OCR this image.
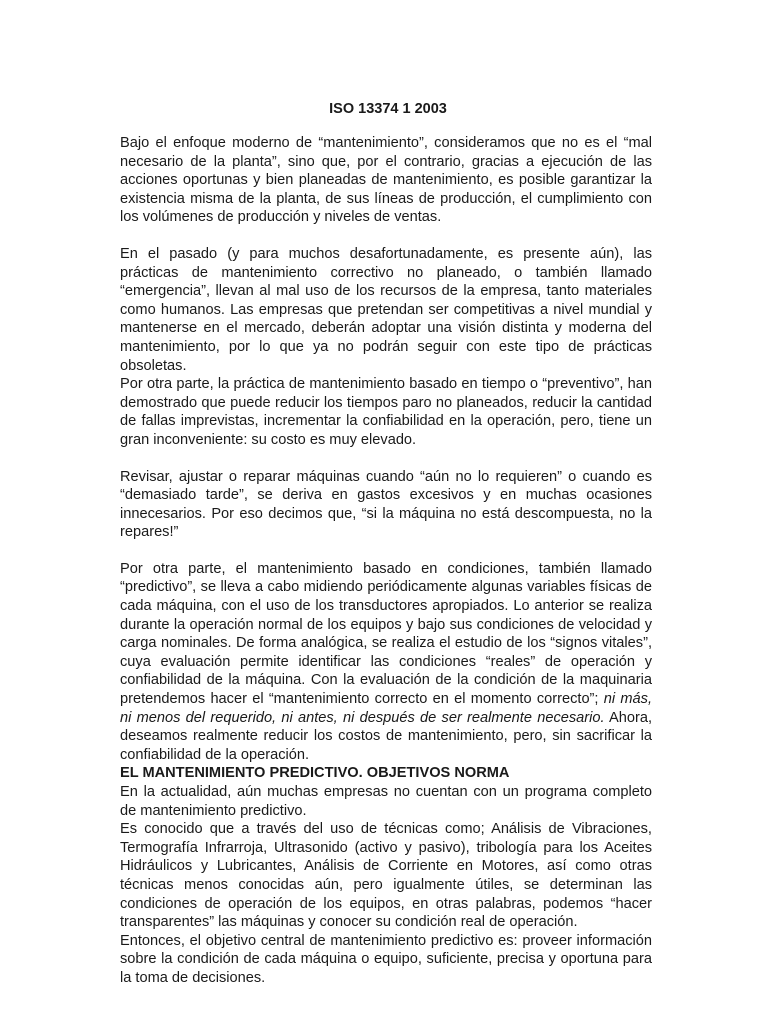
ISO 13374 1 2003

Bajo el enfoque moderno de “mantenimiento”, consideramos que no es el “mal necesario de la planta”, sino que, por el contrario, gracias a ejecución de las acciones oportunas y bien planeadas de mantenimiento, es posible garantizar la existencia misma de la planta, de sus líneas de producción, el cumplimiento con los volúmenes de producción y niveles de ventas.

En el pasado (y para muchos desafortunadamente, es presente aún), las prácticas de mantenimiento correctivo no planeado, o también llamado “emergencia”, llevan al mal uso de los recursos de la empresa, tanto materiales como humanos. Las empresas que pretendan ser competitivas a nivel mundial y mantenerse en el mercado, deberán adoptar una visión distinta y moderna del mantenimiento, por lo que ya no podrán seguir con este tipo de prácticas obsoletas.

Por otra parte, la práctica de mantenimiento basado en tiempo o “preventivo”, han demostrado que puede reducir los tiempos paro no planeados, reducir la cantidad de fallas imprevistas, incrementar la confiabilidad en la operación, pero, tiene un gran inconveniente: su costo es muy elevado.

Revisar, ajustar o reparar máquinas cuando “aún no lo requieren” o cuando es “demasiado tarde”, se deriva en gastos excesivos y en muchas ocasiones innecesarios. Por eso decimos que, “si la máquina no está descompuesta, no la repares!”

Por otra parte, el mantenimiento basado en condiciones, también llamado “predictivo”, se lleva a cabo midiendo periódicamente algunas variables físicas de cada máquina, con el uso de los transductores apropiados. Lo anterior se realiza durante la operación normal de los equipos y bajo sus condiciones de velocidad y carga nominales. De forma analógica, se realiza el estudio de los “signos vitales”, cuya evaluación permite identificar las condiciones “reales” de operación y confiabilidad de la máquina. Con la evaluación de la condición de la maquinaria pretendemos hacer el “mantenimiento correcto en el momento correcto”; ni más, ni menos del requerido, ni antes, ni después de ser realmente necesario. Ahora, deseamos realmente reducir los costos de mantenimiento, pero, sin sacrificar la confiabilidad de la operación.

EL MANTENIMIENTO PREDICTIVO. OBJETIVOS NORMA

En la actualidad, aún muchas empresas no cuentan con un programa completo de mantenimiento predictivo.

Es conocido que a través del uso de técnicas como; Análisis de Vibraciones, Termografía Infrarroja, Ultrasonido (activo y pasivo), tribología para los Aceites Hidráulicos y Lubricantes, Análisis de Corriente en Motores, así como otras técnicas menos conocidas aún, pero igualmente útiles, se determinan las condiciones de operación de los equipos, en otras palabras, podemos “hacer transparentes” las máquinas y conocer su condición real de operación.

Entonces, el objetivo central de mantenimiento predictivo es: proveer información sobre la condición de cada máquina o equipo, suficiente, precisa y oportuna para la toma de decisiones.
